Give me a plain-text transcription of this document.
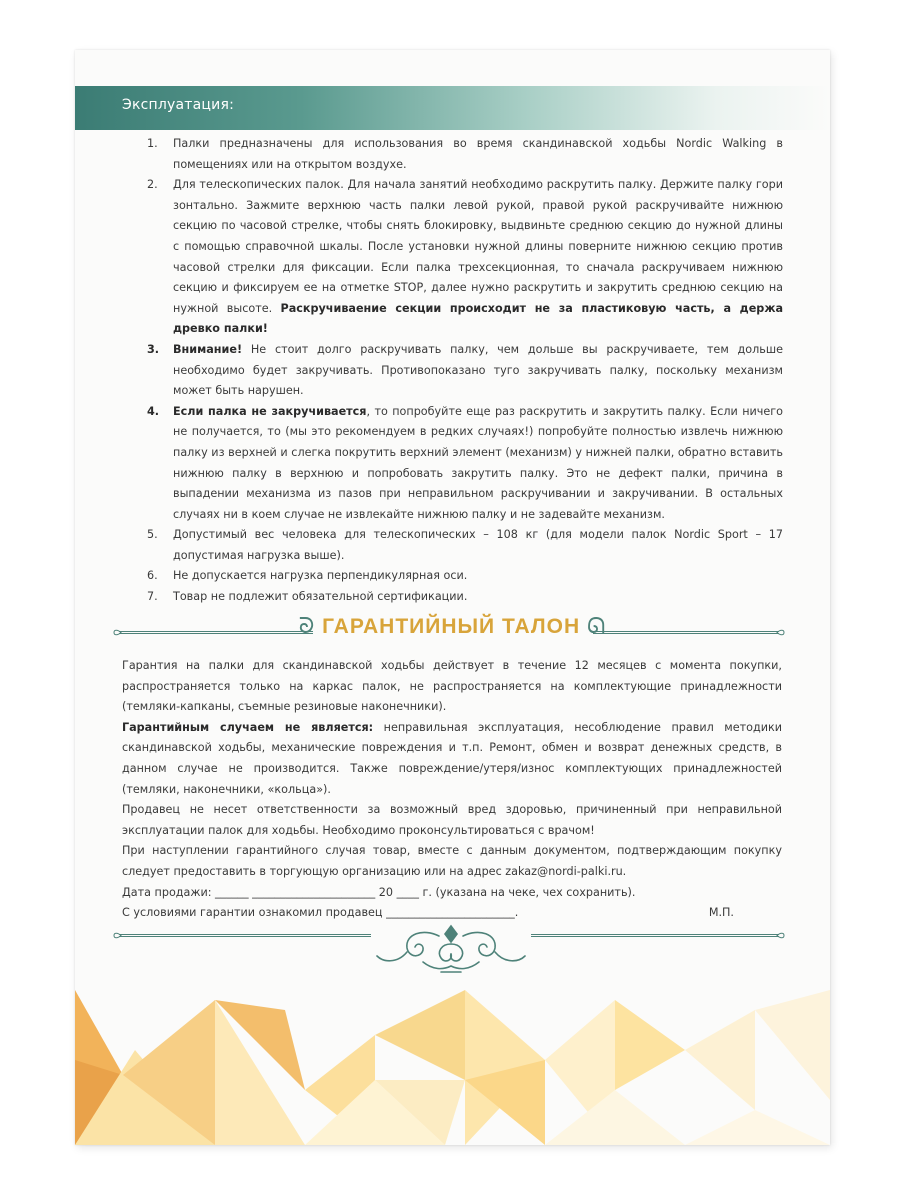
Эксплуатация:
1. Палки предназначены для использования во время скандинавской ходьбы Nordic Walking в помещениях или на открытом воздухе.
2. Для телескопических палок. Для начала занятий необходимо раскрутить палку. Держите палку гори зонтально. Зажмите верхнюю часть палки левой рукой, правой рукой раскручивайте нижнюю секцию по часовой стрелке, чтобы снять блокировку, выдвиньте среднюю секцию до нужной длины с помощью справочной шкалы. После установки нужной длины поверните нижнюю секцию против часовой стрелки для фиксации. Если палка трехсекционная, то сначала раскручиваем нижнюю секцию и фиксируем ее на отметке STOP, далее нужно раскрутить и закрутить среднюю секцию на нужной высоте. Раскручиваение секции происходит не за пластиковую часть, а держа древко палки!
3. Внимание! Не стоит долго раскручивать палку, чем дольше вы раскручиваете, тем дольше необходимо будет закручивать. Противопоказано туго закручивать палку, поскольку механизм может быть нарушен.
4. Если палка не закручивается, то попробуйте еще раз раскрутить и закрутить палку. Если ничего не получается, то (мы это рекомендуем в редких случаях!) попробуйте полностью извлечь нижнюю палку из верхней и слегка покрутить верхний элемент (механизм) у нижней палки, обратно вставить нижнюю палку в верхнюю и попробовать закрутить палку. Это не дефект палки, причина в выпадении механизма из пазов при неправильном раскручивании и закручивании. В остальных случаях ни в коем случае не извлекайте нижнюю палку и не задевайте механизм.
5. Допустимый вес человека для телескопических – 108 кг (для модели палок Nordic Sport – 17 допустимая нагрузка выше).
6. Не допускается нагрузка перпендикулярная оси.
7. Товар не подлежит обязательной сертификации.
ᘐ ГАРАНТИЙНЫЙ ТАЛОН ᘏ

Гарантия на палки для скандинавской ходьбы действует в течение 12 месяцев с момента покупки, распространяется только на каркас палок, не распространяется на комплектующие принадлежности (темляки-капканы, съемные резиновые наконечники).

Гарантийным случаем не является: неправильная эксплуатация, несоблюдение правил методики скандинавской ходьбы, механические повреждения и т.п. Ремонт, обмен и возврат денежных средств, в данном случае не производится. Также повреждение/утеря/износ комплектующих принадлежностей (темляки, наконечники, «кольца»).

Продавец не несет ответственности за возможный вред здоровью, причиненный при неправильной эксплуатации палок для ходьбы. Необходимо проконсультироваться с врачом!

При наступлении гарантийного случая товар, вместе с данным документом, подтверждающим покупку следует предоставить в торгующую организацию или на адрес zakaz@nordi-palki.ru.

Дата продажи: ______ ______________________ 20 ____ г. (указана на чеке, чех сохранить).

С условиями гарантии ознакомил продавец _______________________.	М.П.
